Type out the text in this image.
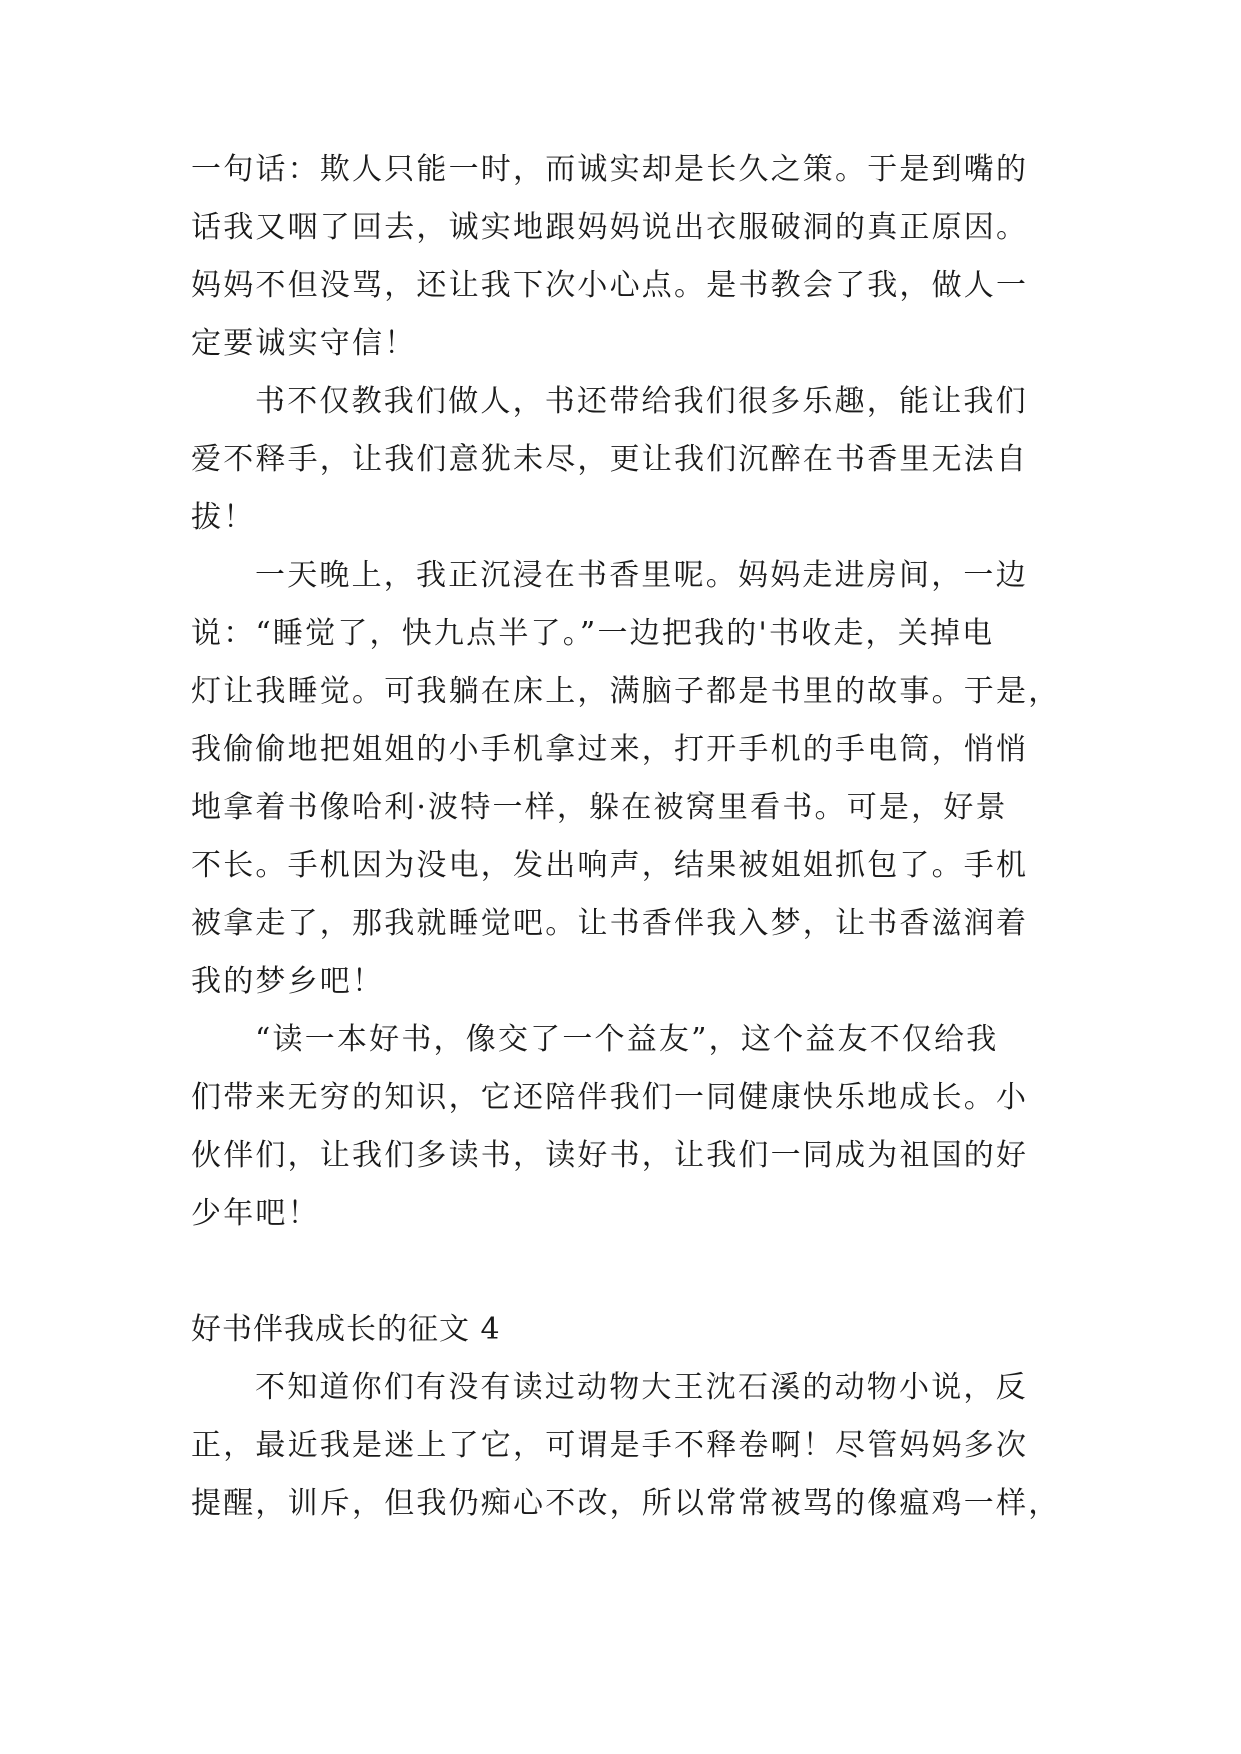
一句话：欺人只能一时，而诚实却是长久之策。于是到嘴的
话我又咽了回去，诚实地跟妈妈说出衣服破洞的真正原因。
妈妈不但没骂，还让我下次小心点。是书教会了我，做人一
定要诚实守信！
书不仅教我们做人，书还带给我们很多乐趣，能让我们
爱不释手，让我们意犹未尽，更让我们沉醉在书香里无法自
拔！
一天晚上，我正沉浸在书香里呢。妈妈走进房间，一边
说：“睡觉了，快九点半了。”一边把我的'书收走，关掉电
灯让我睡觉。可我躺在床上，满脑子都是书里的故事。于是，
我偷偷地把姐姐的小手机拿过来，打开手机的手电筒，悄悄
地拿着书像哈利·波特一样，躲在被窝里看书。可是，好景
不长。手机因为没电，发出响声，结果被姐姐抓包了。手机
被拿走了，那我就睡觉吧。让书香伴我入梦，让书香滋润着
我的梦乡吧！
“读一本好书，像交了一个益友”，这个益友不仅给我
们带来无穷的知识，它还陪伴我们一同健康快乐地成长。小
伙伴们，让我们多读书，读好书，让我们一同成为祖国的好
少年吧！
好书伴我成长的征文 4
不知道你们有没有读过动物大王沈石溪的动物小说，反
正，最近我是迷上了它，可谓是手不释卷啊！尽管妈妈多次
提醒，训斥，但我仍痴心不改，所以常常被骂的像瘟鸡一样，
